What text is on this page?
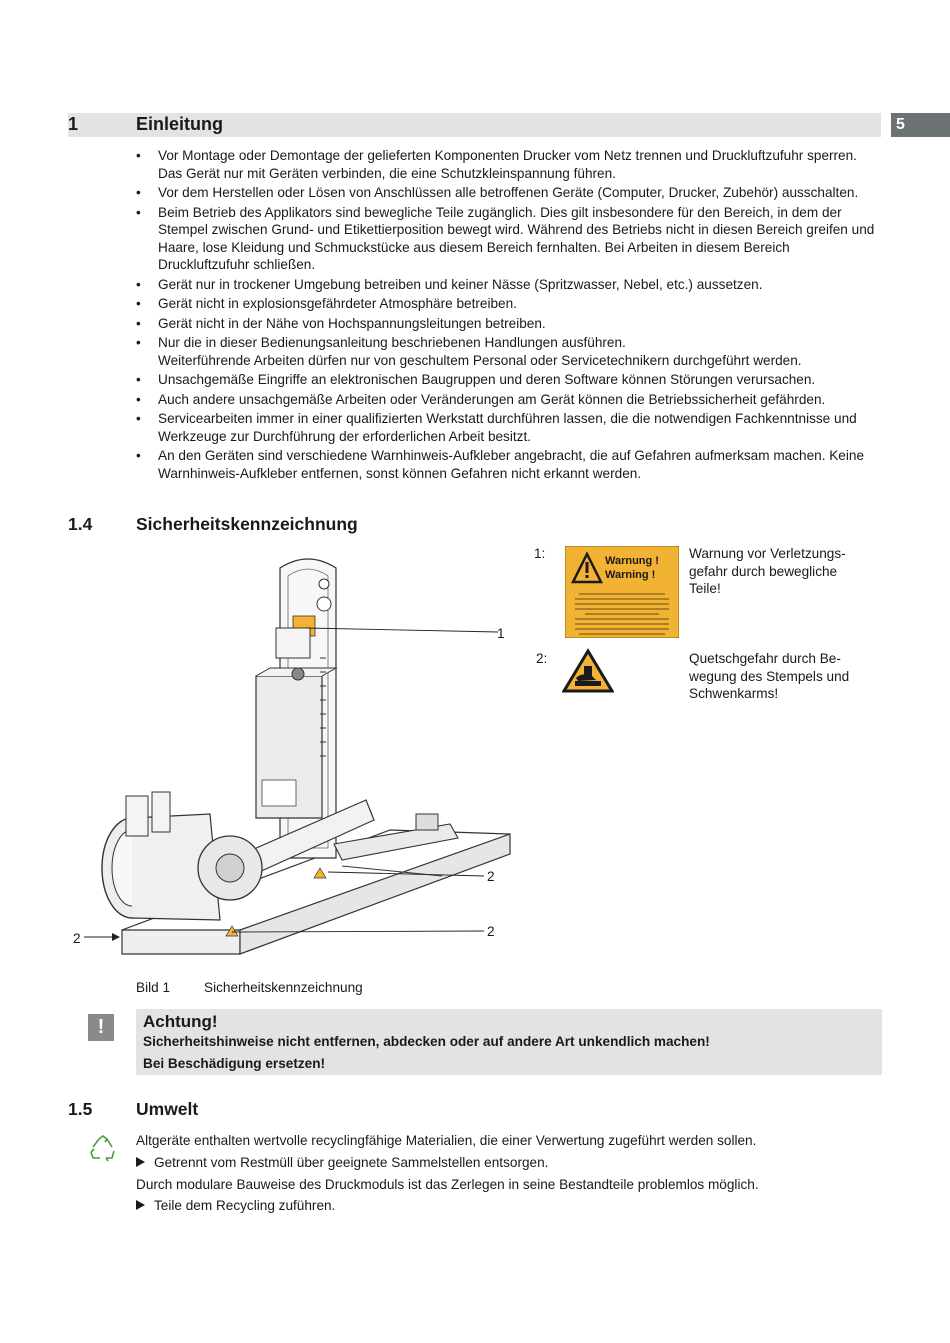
1	Einleitung	5
• Vor Montage oder Demontage der gelieferten Komponenten Drucker vom Netz trennen und Druckluftzufuhr sperren. Das Gerät nur mit Geräten verbinden, die eine Schutzkleinspannung führen.
• Vor dem Herstellen oder Lösen von Anschlüssen alle betroffenen Geräte (Computer, Drucker, Zubehör) ausschalten.
• Beim Betrieb des Applikators sind bewegliche Teile zugänglich. Dies gilt insbesondere für den Bereich, in dem der Stempel zwischen Grund- und Etikettierposition bewegt wird. Während des Betriebs nicht in diesen Bereich greifen und Haare, lose Kleidung und Schmuckstücke aus diesem Bereich fernhalten. Bei Arbeiten in diesem Bereich Druckluftzufuhr schließen.
• Gerät nur in trockener Umgebung betreiben und keiner Nässe (Spritzwasser, Nebel, etc.) aussetzen.
• Gerät nicht in explosionsgefährdeter Atmosphäre betreiben.
• Gerät nicht in der Nähe von Hochspannungsleitungen betreiben.
• Nur die in dieser Bedienungsanleitung beschriebenen Handlungen ausführen.
Weiterführende Arbeiten dürfen nur von geschultem Personal oder Servicetechnikern durchgeführt werden.
• Unsachgemäße Eingriffe an elektronischen Baugruppen und deren Software können Störungen verursachen.
• Auch andere unsachgemäße Arbeiten oder Veränderungen am Gerät können die Betriebssicherheit gefährden.
• Servicearbeiten immer in einer qualifizierten Werkstatt durchführen lassen, die die notwendigen Fachkenntnisse und Werkzeuge zur Durchführung der erforderlichen Arbeit besitzt.
• An den Geräten sind verschiedene Warnhinweis-Aufkleber angebracht, die auf Gefahren aufmerksam machen. Keine Warnhinweis-Aufkleber entfernen, sonst können Gefahren nicht erkannt werden.
1.4 Sicherheitskennzeichnung
1
2
2
2
1:	Warnung !
Warning !
Warnung vor Verletzungs-
gefahr durch bewegliche
Teile!
2:	Quetschgefahr durch Be-
wegung des Stempels und
Schwenkarms!
Bild 1 Sicherheitskennzeichnung
!	Achtung!
Sicherheitshinweise nicht entfernen, abdecken oder auf andere Art unkendlich machen!
Bei Beschädigung ersetzen!
1.5 Umwelt
Altgeräte enthalten wertvolle recyclingfähige Materialien, die einer Verwertung zugeführt werden sollen.
Getrennt vom Restmüll über geeignete Sammelstellen entsorgen.
Durch modulare Bauweise des Druckmoduls ist das Zerlegen in seine Bestandteile problemlos möglich.
Teile dem Recycling zuführen.
